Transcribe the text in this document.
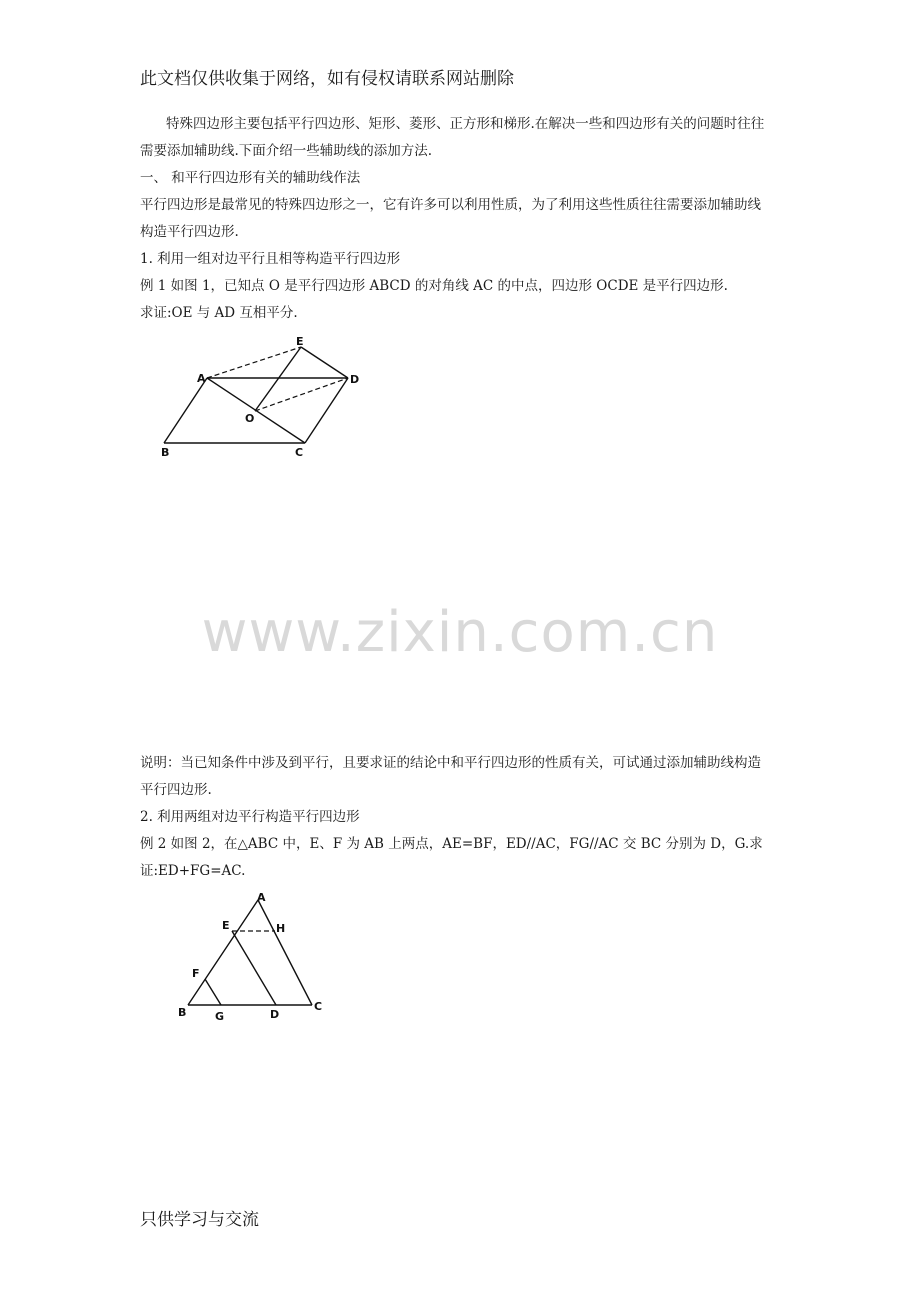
此文档仅供收集于网络，如有侵权请联系网站删除
特殊四边形主要包括平行四边形、矩形、菱形、正方形和梯形.在解决一些和四边形有关的问题时往往
需要添加辅助线.下面介绍一些辅助线的添加方法.
一、 和平行四边形有关的辅助线作法
平行四边形是最常见的特殊四边形之一，它有许多可以利用性质，为了利用这些性质往往需要添加辅助线
构造平行四边形.
1. 利用一组对边平行且相等构造平行四边形
例 1 如图 1，已知点 O 是平行四边形 ABCD 的对角线 AC 的中点，四边形 OCDE 是平行四边形.
求证:OE 与 AD 互相平分.
A
B	C
D
E
O
www.zixin.com.cn
说明：当已知条件中涉及到平行，且要求证的结论中和平行四边形的性质有关，可试通过添加辅助线构造
平行四边形.
2. 利用两组对边平行构造平行四边形
例 2 如图 2，在△ABC 中，E、F 为 AB 上两点，AE=BF，ED//AC，FG//AC 交 BC 分别为 D，G.求
证:ED+FG=AC.
A
B	C
D
E
F
G
H
只供学习与交流
